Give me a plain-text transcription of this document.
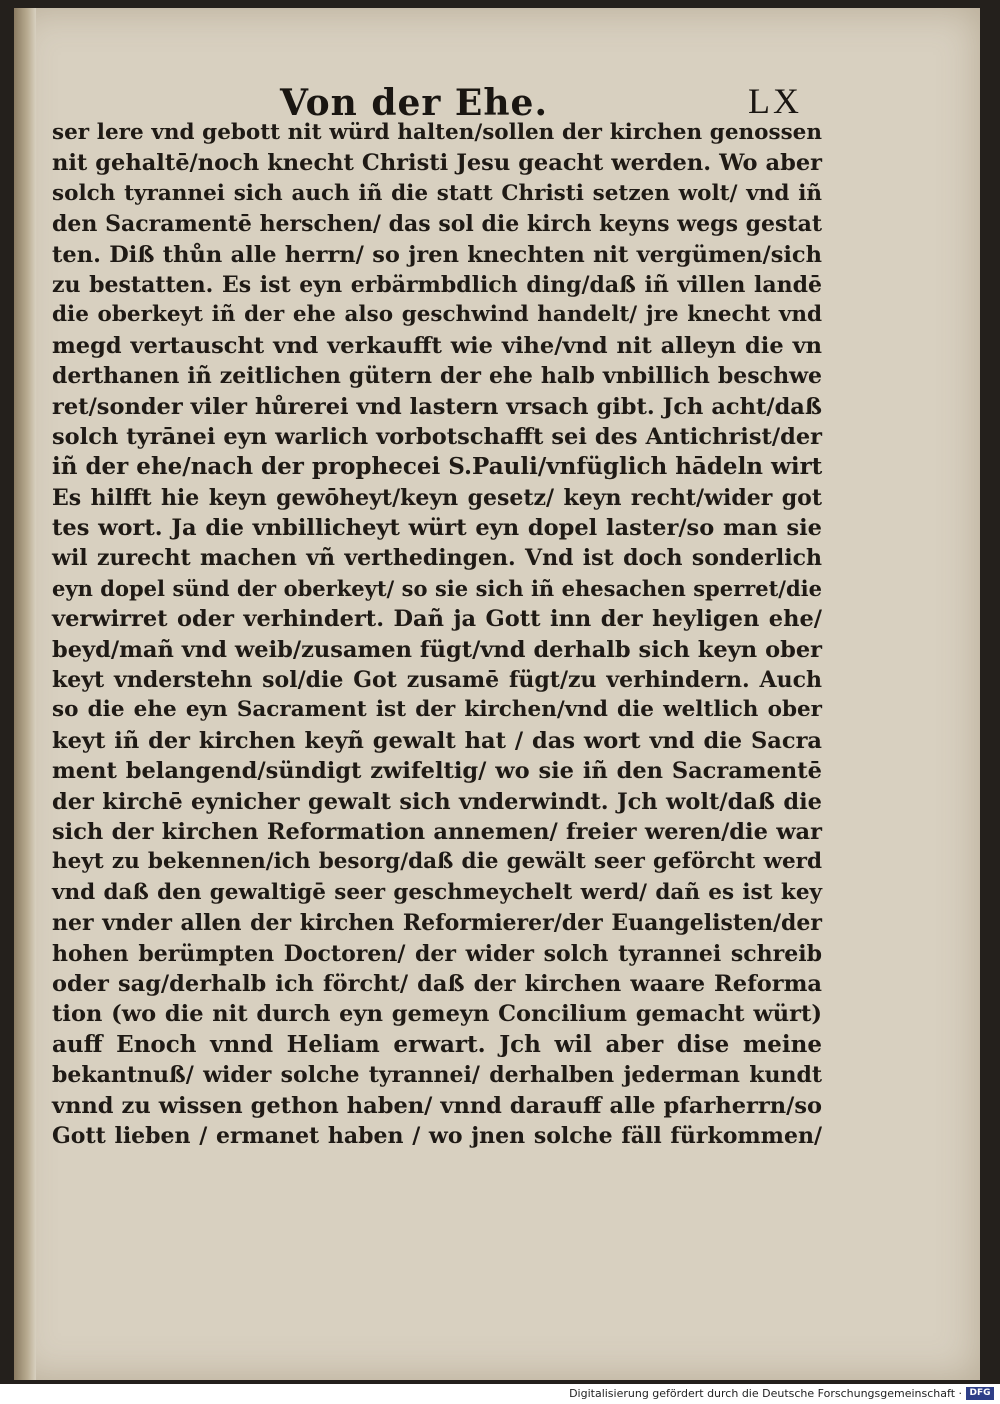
Von der Ehe.	LX
ser lere vnd gebott nit würd halten/sollen der kirchen genossen
nit gehaltē/noch knecht Christi Jesu geacht werden. Wo aber
solch tyrannei sich auch iñ die statt Christi setzen wolt/ vnd iñ
den Sacramentē herschen/ das sol die kirch keyns wegs gestat
ten. Diß thůn alle herrn/ so jren knechten nit vergümen/sich
zu bestatten. Es ist eyn erbärmbdlich ding/daß iñ villen landē
die oberkeyt iñ der ehe also geschwind handelt/ jre knecht vnd
megd vertauscht vnd verkaufft wie vihe/vnd nit alleyn die vn
derthanen iñ zeitlichen gütern der ehe halb vnbillich beschwe
ret/sonder viler hůrerei vnd lastern vrsach gibt. Jch acht/daß
solch tyrānei eyn warlich vorbotschafft sei des Antichrist/der
iñ der ehe/nach der prophecei S.Pauli/vnfüglich hādeln wirt
Es hilfft hie keyn gewōheyt/keyn gesetz/ keyn recht/wider got
tes wort. Ja die vnbillicheyt würt eyn dopel laster/so man sie
wil zurecht machen vñ verthedingen. Vnd ist doch sonderlich
eyn dopel sünd der oberkeyt/ so sie sich iñ ehesachen sperret/die
verwirret oder verhindert. Dañ ja Gott inn der heyligen ehe/
beyd/mañ vnd weib/zusamen fügt/vnd derhalb sich keyn ober
keyt vnderstehn sol/die Got zusamē fügt/zu verhindern. Auch
so die ehe eyn Sacrament ist der kirchen/vnd die weltlich ober
keyt iñ der kirchen keyñ gewalt hat / das wort vnd die Sacra
ment belangend/sündigt zwifeltig/ wo sie iñ den Sacramentē
der kirchē eynicher gewalt sich vnderwindt. Jch wolt/daß die
sich der kirchen Reformation annemen/ freier weren/die war
heyt zu bekennen/ich besorg/daß die gewält seer geförcht werd
vnd daß den gewaltigē seer geschmeychelt werd/ dañ es ist key
ner vnder allen der kirchen Reformierer/der Euangelisten/der
hohen berümpten Doctoren/ der wider solch tyrannei schreib
oder sag/derhalb ich förcht/ daß der kirchen waare Reforma
tion (wo die nit durch eyn gemeyn Concilium gemacht würt)
auff Enoch vnnd Heliam erwart. Jch wil aber dise meine
bekantnuß/ wider solche tyrannei/ derhalben jederman kundt
vnnd zu wissen gethon haben/ vnnd darauff alle pfarherrn/so
Gott lieben / ermanet haben / wo jnen solche fäll fürkommen/
Digitalisierung gefördert durch die Deutsche Forschungsgemeinschaft · DFG
